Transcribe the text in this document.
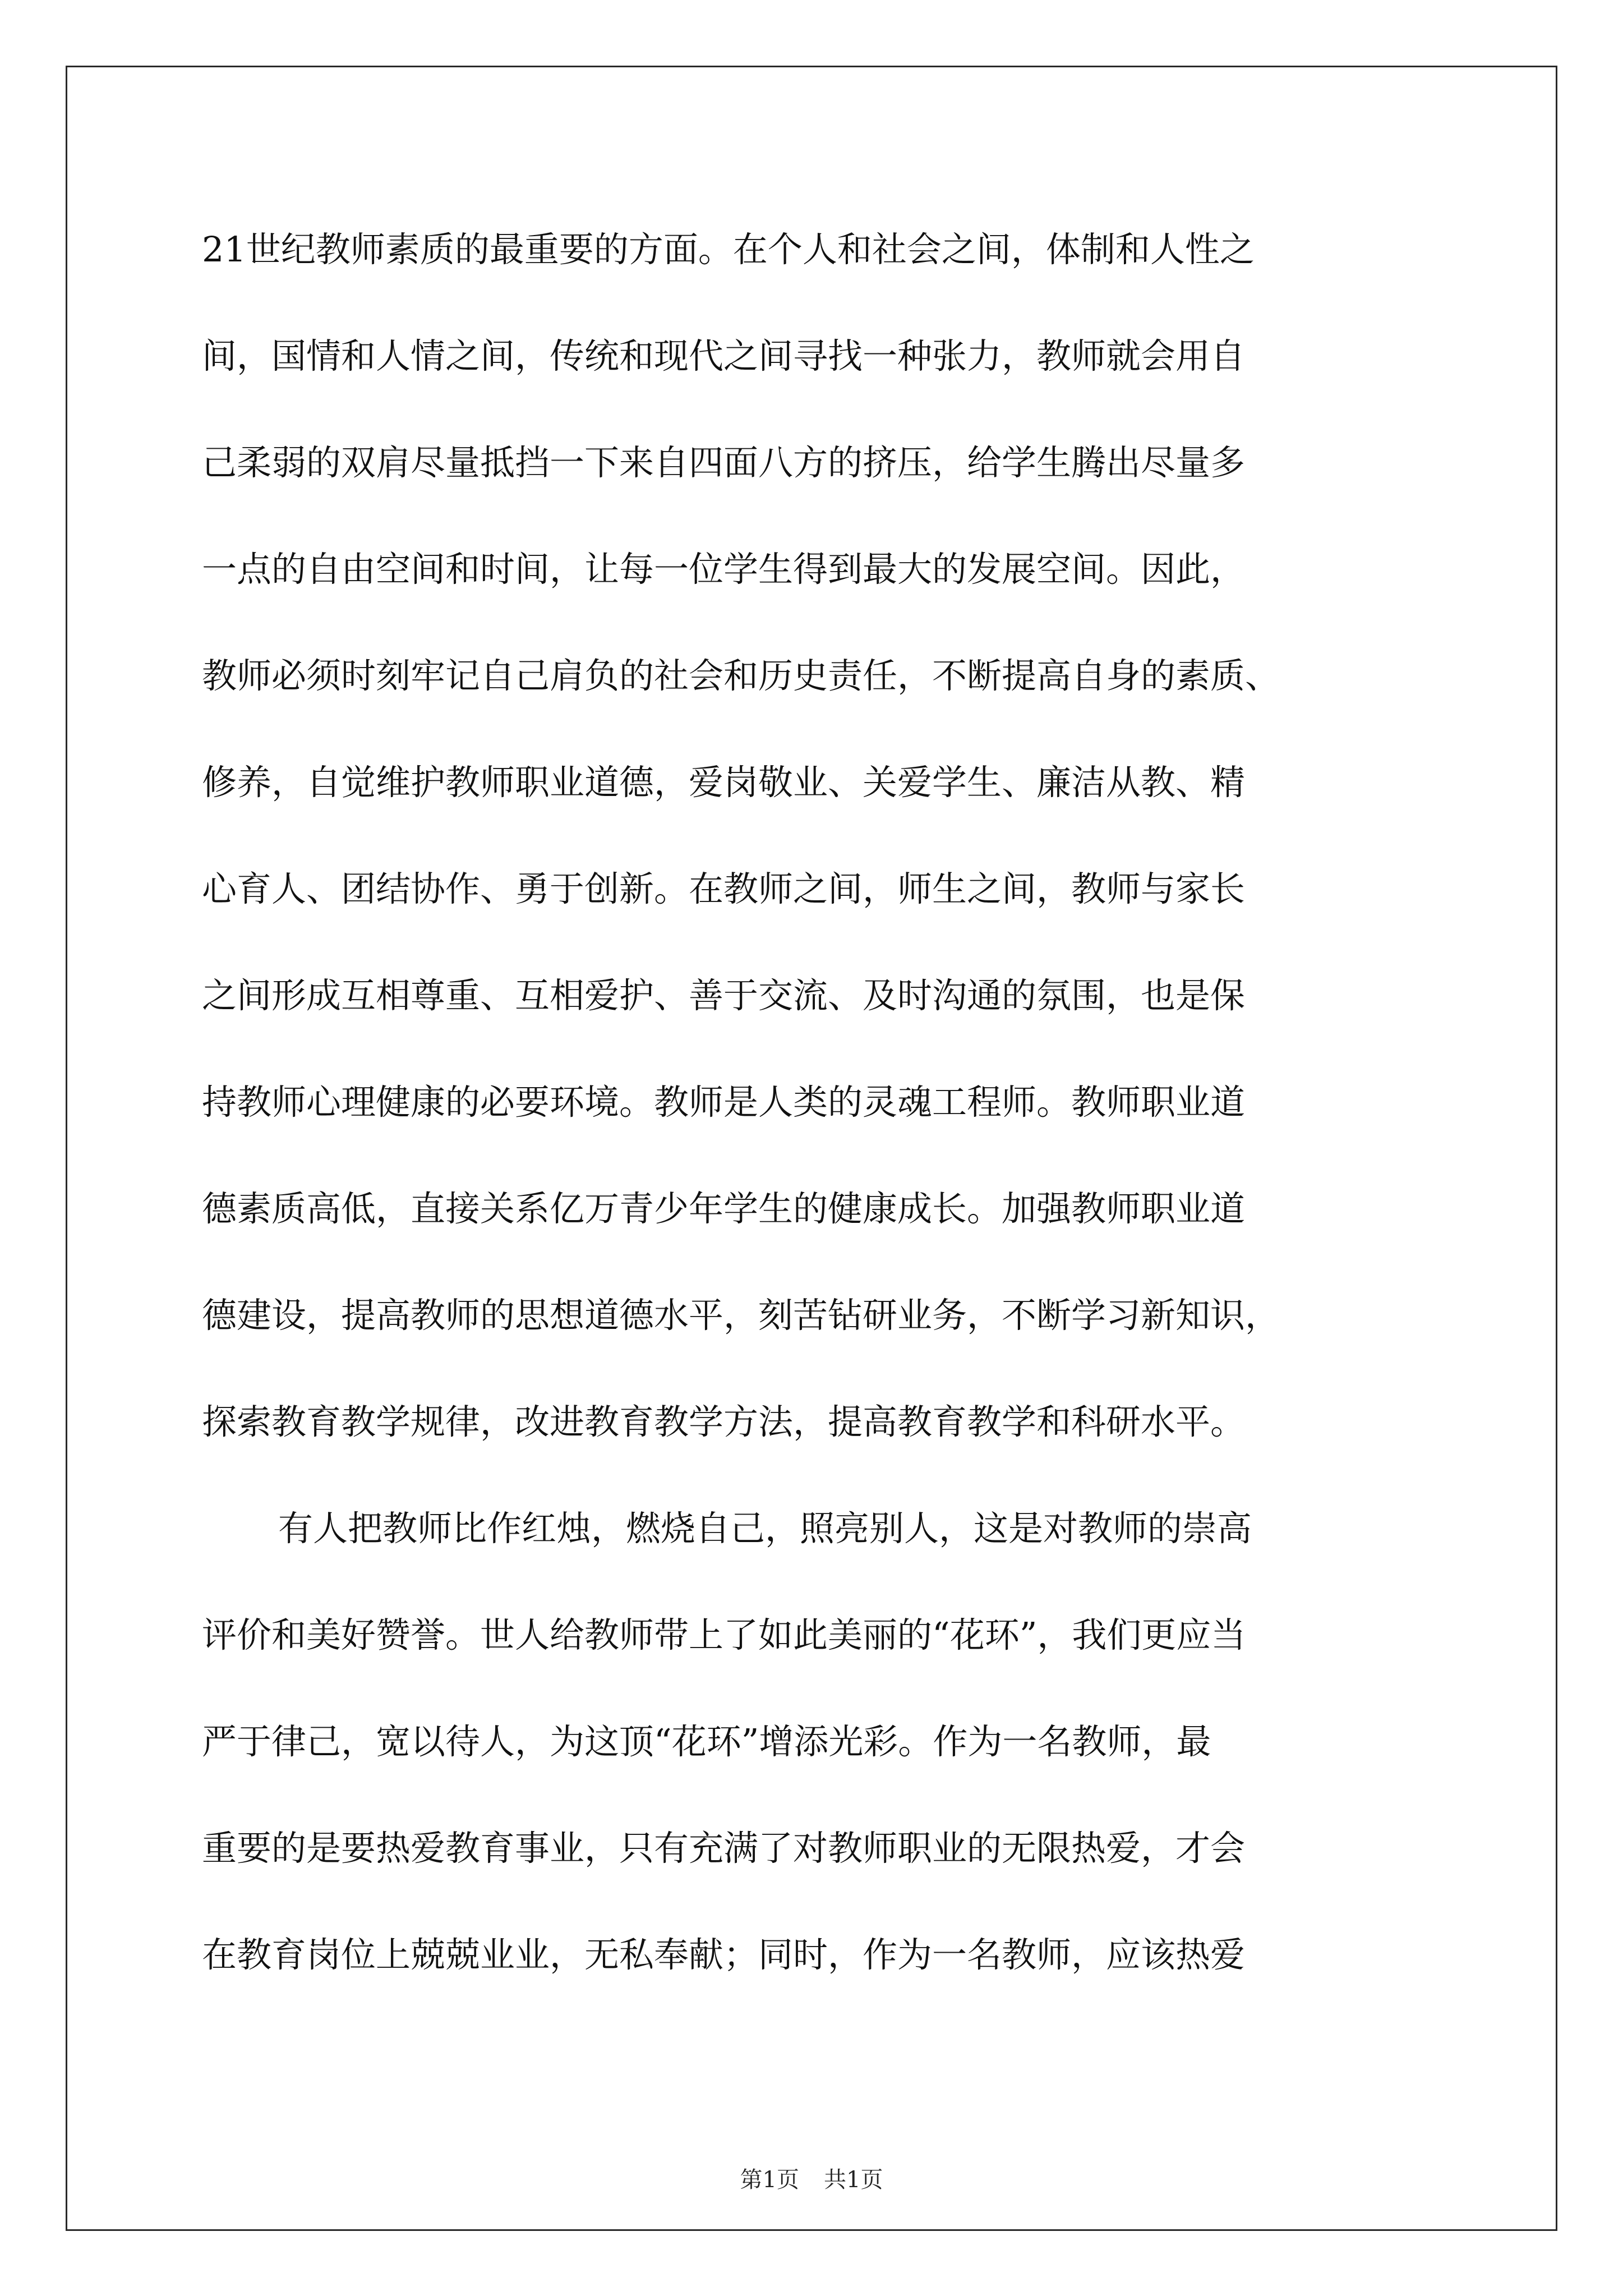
21世纪教师素质的最重要的方面。在个人和社会之间，体制和人性之

间，国情和人情之间，传统和现代之间寻找一种张力，教师就会用自

己柔弱的双肩尽量抵挡一下来自四面八方的挤压，给学生腾出尽量多

一点的自由空间和时间，让每一位学生得到最大的发展空间。因此，

教师必须时刻牢记自己肩负的社会和历史责任，不断提高自身的素质、

修养，自觉维护教师职业道德，爱岗敬业、关爱学生、廉洁从教、精

心育人、团结协作、勇于创新。在教师之间，师生之间，教师与家长

之间形成互相尊重、互相爱护、善于交流、及时沟通的氛围，也是保

持教师心理健康的必要环境。教师是人类的灵魂工程师。教师职业道

德素质高低，直接关系亿万青少年学生的健康成长。加强教师职业道

德建设，提高教师的思想道德水平，刻苦钻研业务，不断学习新知识，

探索教育教学规律，改进教育教学方法，提高教育教学和科研水平。

有人把教师比作红烛，燃烧自己，照亮别人，这是对教师的崇高

评价和美好赞誉。世人给教师带上了如此美丽的“花环”，我们更应当

严于律己，宽以待人，为这顶“花环”增添光彩。作为一名教师，最

重要的是要热爱教育事业，只有充满了对教师职业的无限热爱，才会

在教育岗位上兢兢业业，无私奉献；同时，作为一名教师，应该热爱

第1页 共1页
